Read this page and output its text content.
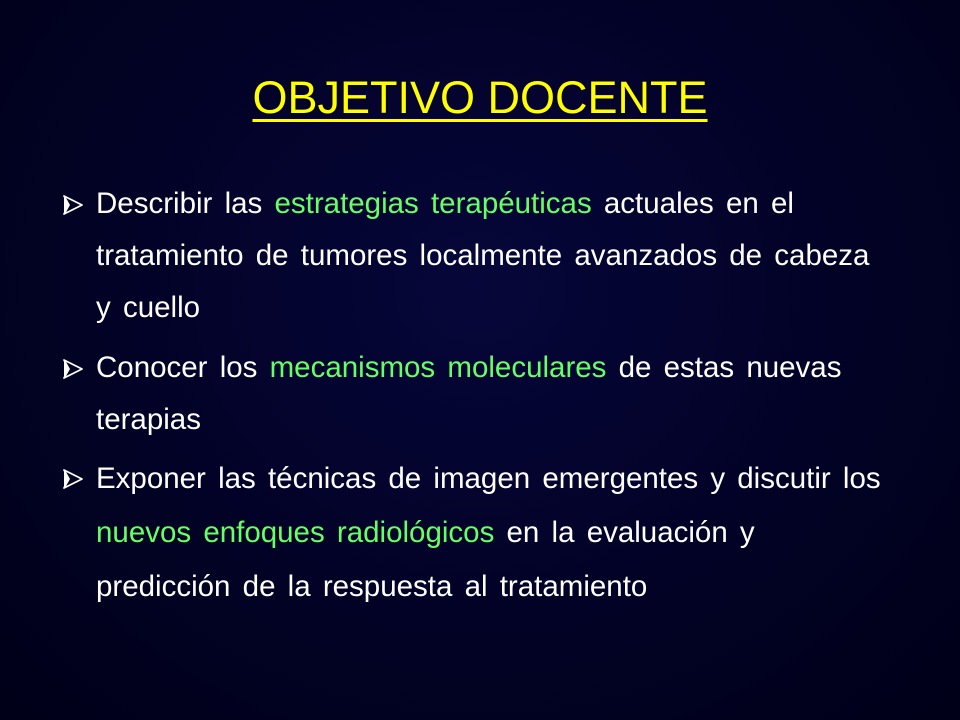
OBJETIVO DOCENTE
Describir las estrategias terapéuticas actuales en el tratamiento de tumores localmente avanzados de cabeza y cuello
Conocer los mecanismos moleculares de estas nuevas terapias
Exponer las técnicas de imagen emergentes y discutir los nuevos enfoques radiológicos en la evaluación y predicción de la respuesta al tratamiento
